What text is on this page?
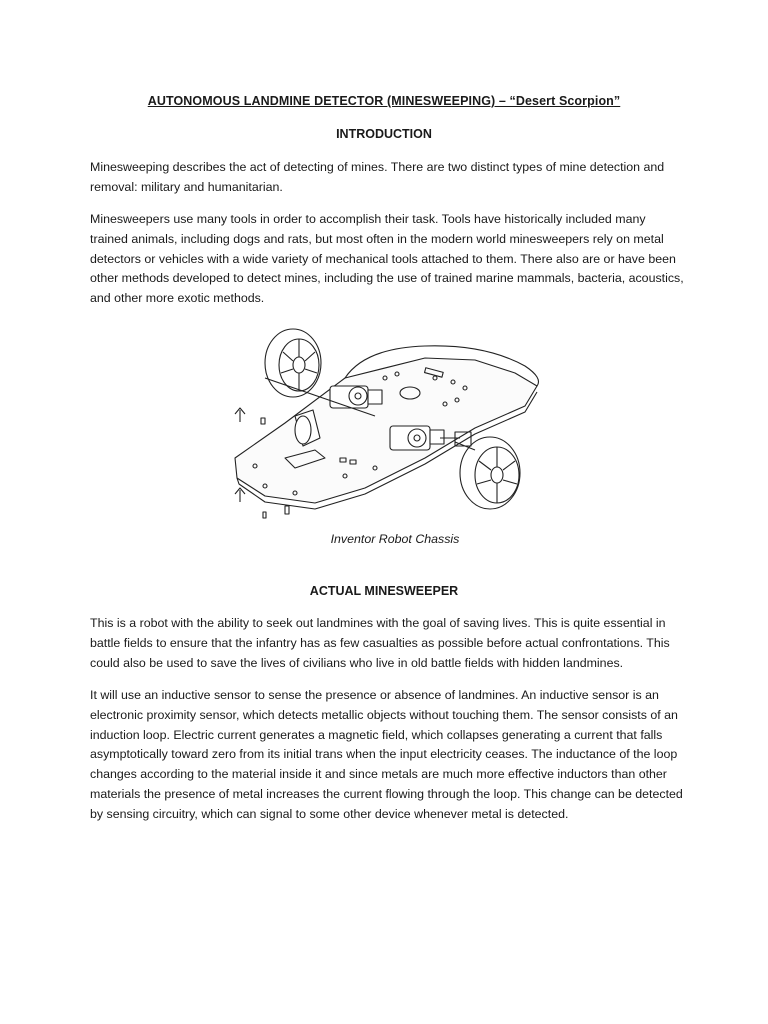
AUTONOMOUS LANDMINE DETECTOR (MINESWEEPING) – “Desert Scorpion”
INTRODUCTION

Minesweeping describes the act of detecting of mines. There are two distinct types of mine detection and removal: military and humanitarian.

Minesweepers use many tools in order to accomplish their task. Tools have historically included many trained animals, including dogs and rats, but most often in the modern world minesweepers rely on metal detectors or vehicles with a wide variety of mechanical tools attached to them. There also are or have been other methods developed to detect mines, including the use of trained marine mammals, bacteria, acoustics, and other more exotic methods.

Inventor Robot Chassis
ACTUAL MINESWEEPER

This is a robot with the ability to seek out landmines with the goal of saving lives. This is quite essential in battle fields to ensure that the infantry has as few casualties as possible before actual confrontations. This could also be used to save the lives of civilians who live in old battle fields with hidden landmines.

It will use an inductive sensor to sense the presence or absence of landmines. An inductive sensor is an electronic proximity sensor, which detects metallic objects without touching them. The sensor consists of an induction loop. Electric current generates a magnetic field, which collapses generating a current that falls asymptotically toward zero from its initial trans when the input electricity ceases. The inductance of the loop changes according to the material inside it and since metals are much more effective inductors than other materials the presence of metal increases the current flowing through the loop. This change can be detected by sensing circuitry, which can signal to some other device whenever metal is detected.
